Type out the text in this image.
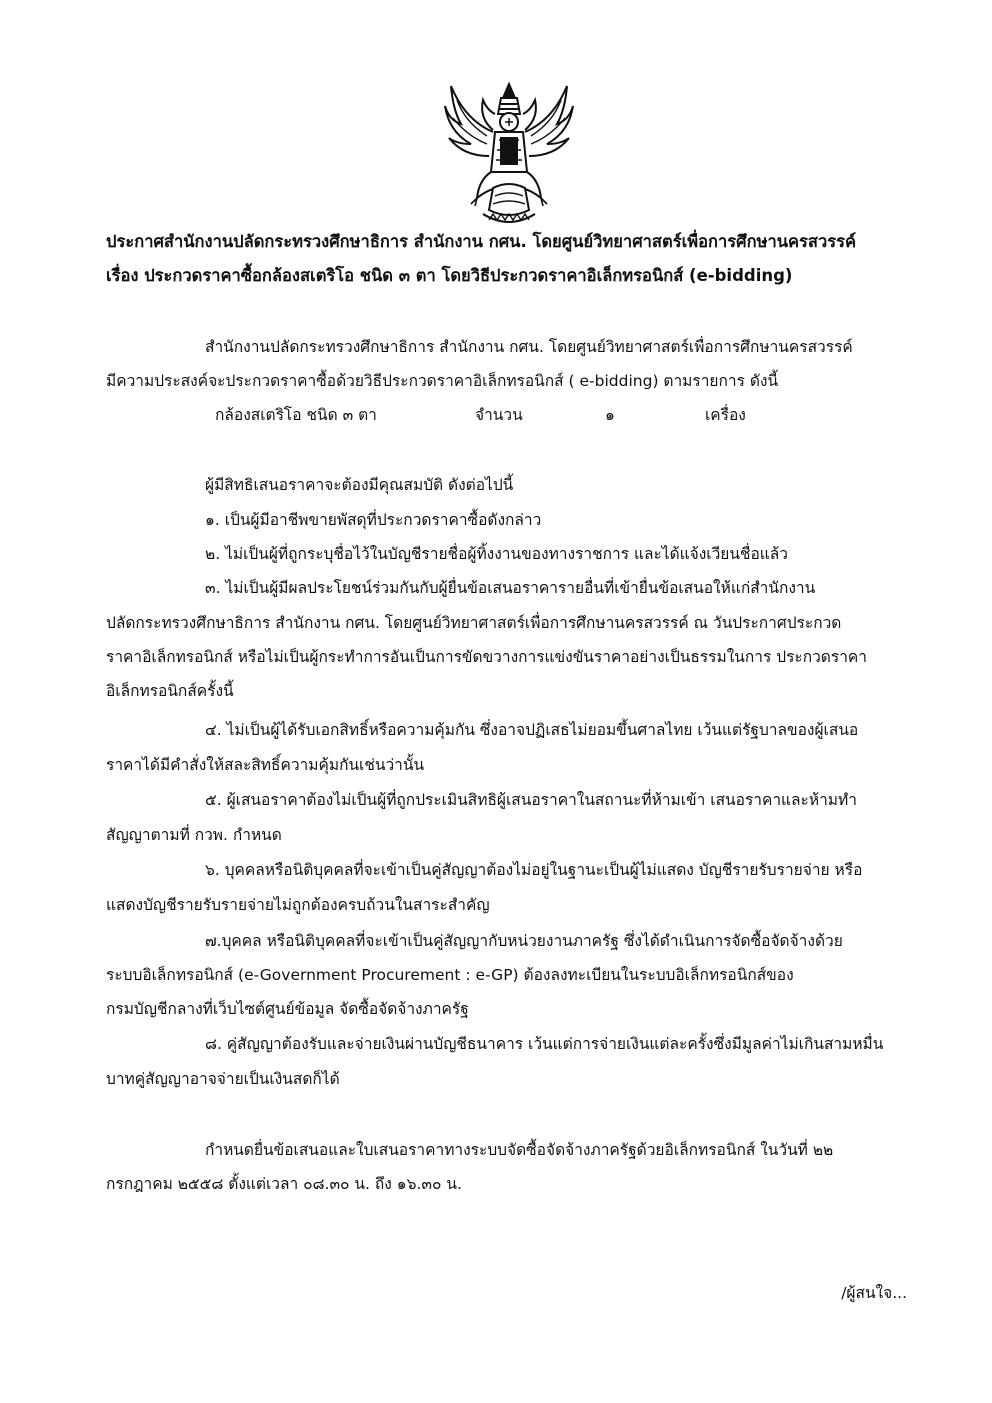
ประกาศสำนักงานปลัดกระทรวงศึกษาธิการ สำนักงาน กศน. โดยศูนย์วิทยาศาสตร์เพื่อการศึกษานครสวรรค์
เรื่อง ประกวดราคาซื้อกล้องสเตริโอ ชนิด ๓ ตา โดยวิธีประกวดราคาอิเล็กทรอนิกส์ (e-bidding)
สำนักงานปลัดกระทรวงศึกษาธิการ สำนักงาน กศน. โดยศูนย์วิทยาศาสตร์เพื่อการศึกษานครสวรรค์
มีความประสงค์จะประกวดราคาซื้อด้วยวิธีประกวดราคาอิเล็กทรอนิกส์ ( e-bidding) ตามรายการ ดังนี้
กล้องสเตริโอ ชนิด ๓ ตา	จำนวน	๑	เครื่อง
ผู้มีสิทธิเสนอราคาจะต้องมีคุณสมบัติ ดังต่อไปนี้
๑. เป็นผู้มีอาชีพขายพัสดุที่ประกวดราคาซื้อดังกล่าว
๒. ไม่เป็นผู้ที่ถูกระบุชื่อไว้ในบัญชีรายชื่อผู้ทิ้งงานของทางราชการ และได้แจ้งเวียนชื่อแล้ว
๓. ไม่เป็นผู้มีผลประโยชน์ร่วมกันกับผู้ยื่นข้อเสนอราคารายอื่นที่เข้ายื่นข้อเสนอให้แก่สำนักงาน
ปลัดกระทรวงศึกษาธิการ สำนักงาน กศน. โดยศูนย์วิทยาศาสตร์เพื่อการศึกษานครสวรรค์ ณ วันประกาศประกวด
ราคาอิเล็กทรอนิกส์ หรือไม่เป็นผู้กระทำการอันเป็นการขัดขวางการแข่งขันราคาอย่างเป็นธรรมในการ ประกวดราคา
อิเล็กทรอนิกส์ครั้งนี้
๔. ไม่เป็นผู้ได้รับเอกสิทธิ์หรือความคุ้มกัน ซึ่งอาจปฏิเสธไม่ยอมขึ้นศาลไทย เว้นแต่รัฐบาลของผู้เสนอ
ราคาได้มีคำสั่งให้สละสิทธิ์ความคุ้มกันเช่นว่านั้น
๕. ผู้เสนอราคาต้องไม่เป็นผู้ที่ถูกประเมินสิทธิผู้เสนอราคาในสถานะที่ห้ามเข้า เสนอราคาและห้ามทำ
สัญญาตามที่ กวพ. กำหนด
๖. บุคคลหรือนิติบุคคลที่จะเข้าเป็นคู่สัญญาต้องไม่อยู่ในฐานะเป็นผู้ไม่แสดง บัญชีรายรับรายจ่าย หรือ
แสดงบัญชีรายรับรายจ่ายไม่ถูกต้องครบถ้วนในสาระสำคัญ
๗.บุคคล หรือนิติบุคคลที่จะเข้าเป็นคู่สัญญากับหน่วยงานภาครัฐ ซึ่งได้ดำเนินการจัดซื้อจัดจ้างด้วย
ระบบอิเล็กทรอนิกส์ (e-Government Procurement : e-GP) ต้องลงทะเบียนในระบบอิเล็กทรอนิกส์ของ
กรมบัญชีกลางที่เว็บไซต์ศูนย์ข้อมูล จัดซื้อจัดจ้างภาครัฐ
๘. คู่สัญญาต้องรับและจ่ายเงินผ่านบัญชีธนาคาร เว้นแต่การจ่ายเงินแต่ละครั้งซึ่งมีมูลค่าไม่เกินสามหมื่น
บาทคู่สัญญาอาจจ่ายเป็นเงินสดก็ได้
กำหนดยื่นข้อเสนอและใบเสนอราคาทางระบบจัดซื้อจัดจ้างภาครัฐด้วยอิเล็กทรอนิกส์ ในวันที่ ๒๒
กรกฎาคม ๒๕๕๘ ตั้งแต่เวลา ๐๘.๓๐ น. ถึง ๑๖.๓๐ น.
/ผู้สนใจ...
